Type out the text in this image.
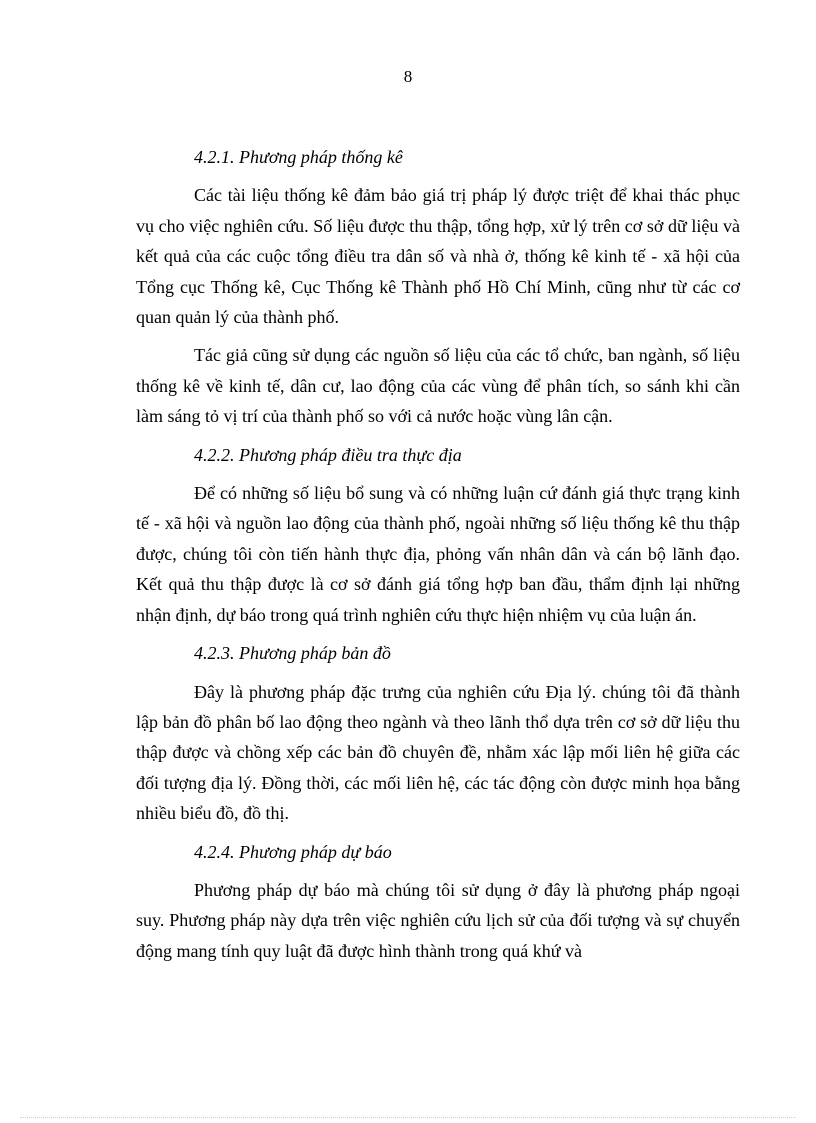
8
4.2.1. Phương pháp thống kê

Các tài liệu thống kê đảm bảo giá trị pháp lý được triệt để khai thác phục vụ cho việc nghiên cứu. Số liệu được thu thập, tổng hợp, xử lý trên cơ sở dữ liệu và kết quả của các cuộc tổng điều tra dân số và nhà ở, thống kê kinh tế - xã hội của Tổng cục Thống kê, Cục Thống kê Thành phố Hồ Chí Minh, cũng như từ các cơ quan quản lý của thành phố.

Tác giả cũng sử dụng các nguồn số liệu của các tổ chức, ban ngành, số liệu thống kê về kinh tế, dân cư, lao động của các vùng để phân tích, so sánh khi cần làm sáng tỏ vị trí của thành phố so với cả nước hoặc vùng lân cận.

4.2.2. Phương pháp điều tra thực địa

Để có những số liệu bổ sung và có những luận cứ đánh giá thực trạng kinh tế - xã hội và nguồn lao động của thành phố, ngoài những số liệu thống kê thu thập được, chúng tôi còn tiến hành thực địa, phỏng vấn nhân dân và cán bộ lãnh đạo. Kết quả thu thập được là cơ sở đánh giá tổng hợp ban đầu, thẩm định lại những nhận định, dự báo trong quá trình nghiên cứu thực hiện nhiệm vụ của luận án.

4.2.3. Phương pháp bản đồ

Đây là phương pháp đặc trưng của nghiên cứu Địa lý. chúng tôi đã thành lập bản đồ phân bố lao động theo ngành và theo lãnh thổ dựa trên cơ sở dữ liệu thu thập được và chồng xếp các bản đồ chuyên đề, nhằm xác lập mối liên hệ giữa các đối tượng địa lý. Đồng thời, các mối liên hệ, các tác động còn được minh họa bằng nhiều biểu đồ, đồ thị.

4.2.4. Phương pháp dự báo

Phương pháp dự báo mà chúng tôi sử dụng ở đây là phương pháp ngoại suy. Phương pháp này dựa trên việc nghiên cứu lịch sử của đối tượng và sự chuyển động mang tính quy luật đã được hình thành trong quá khứ và
